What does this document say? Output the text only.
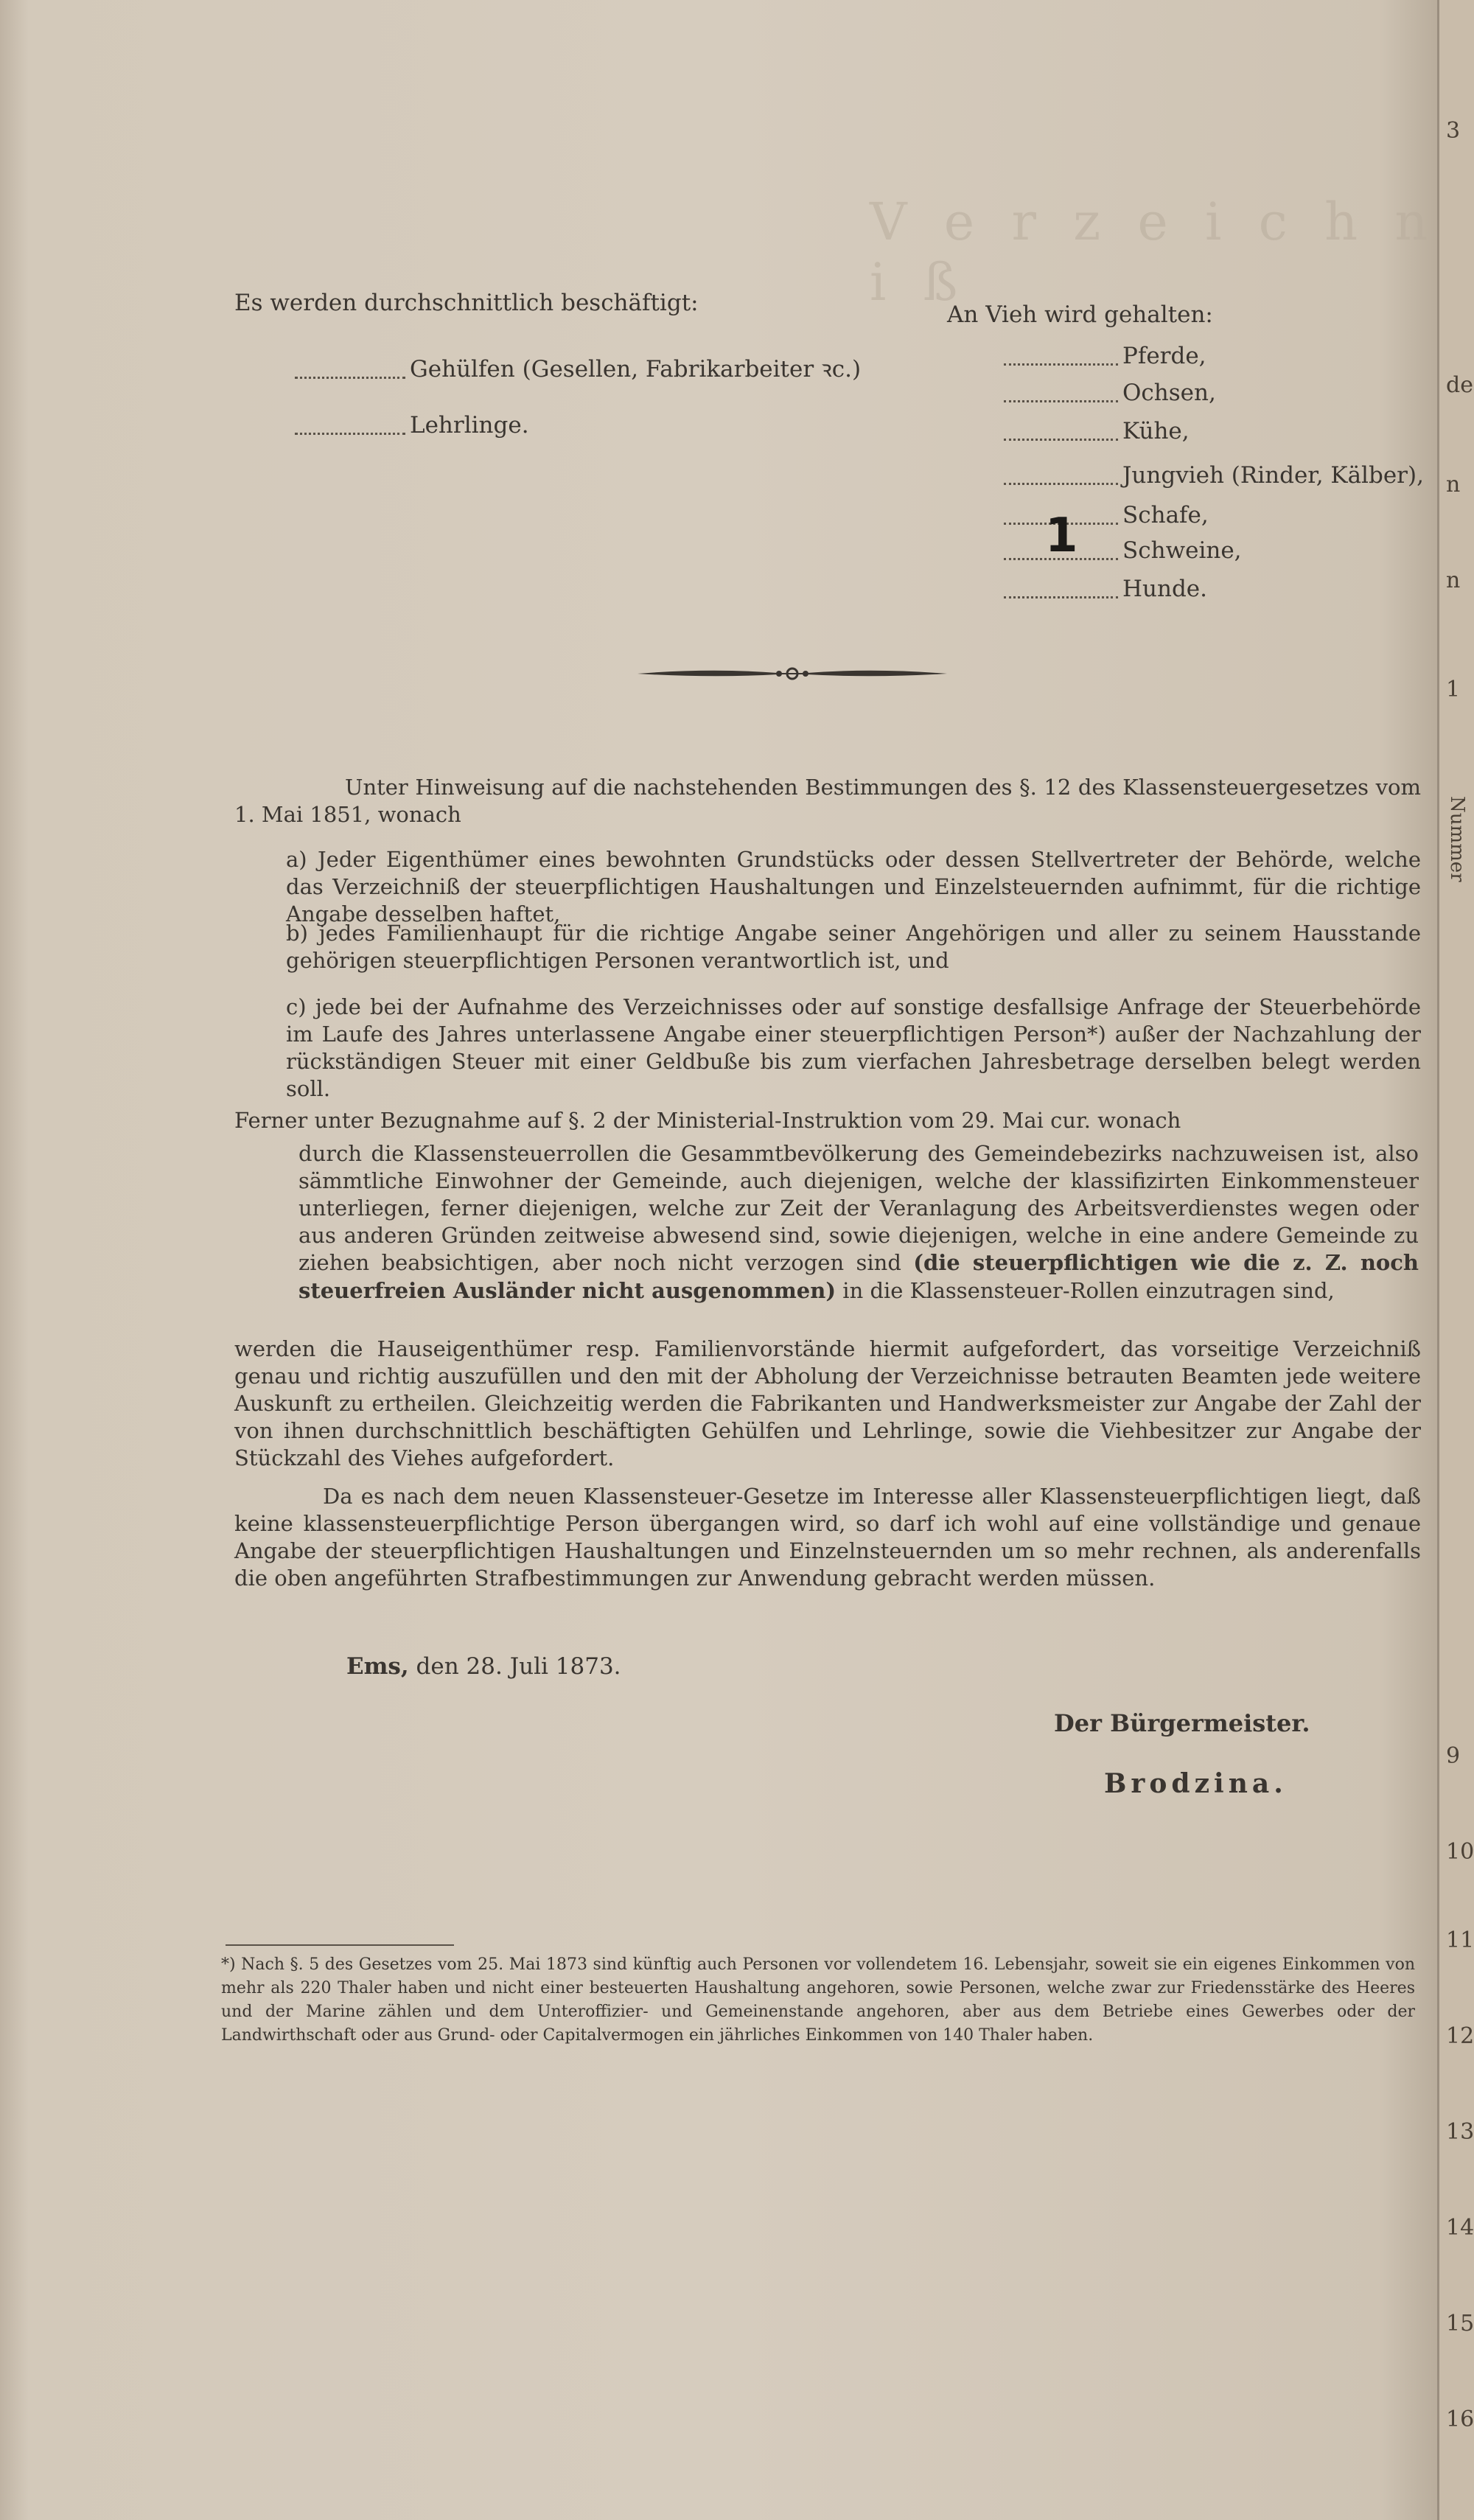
V e r z e i c h n i ß
3
de
n
n
1
Nummer
9
10
11
12
13
14
15
16
Es werden durchschnittlich beschäftigt:
Gehülfen (Gesellen, Fabrikarbeiter ꝛc.)
Lehrlinge.
An Vieh wird gehalten:
Pferde,
Ochsen,
Kühe,
Jungvieh (Rinder, Kälber),
Schafe,
Schweine,
1
Hunde.

Unter Hinweisung auf die nachstehenden Bestimmungen des §. 12 des Klassensteuergesetzes vom 1. Mai 1851, wonach

a) Jeder Eigenthümer eines bewohnten Grundstücks oder dessen Stellvertreter der Behörde, welche das Verzeichniß der steuerpflichtigen Haushaltungen und Einzelsteuernden aufnimmt, für die richtige Angabe desselben haftet,
b) jedes Familienhaupt für die richtige Angabe seiner Angehörigen und aller zu seinem Hausstande gehörigen steuerpflichtigen Personen verantwortlich ist, und
c) jede bei der Aufnahme des Verzeichnisses oder auf sonstige desfallsige Anfrage der Steuerbehörde im Laufe des Jahres unterlassene Angabe einer steuerpflichtigen Person*) außer der Nachzahlung der rückständigen Steuer mit einer Geldbuße bis zum vierfachen Jahresbetrage derselben belegt werden soll.
Ferner unter Bezugnahme auf §. 2 der Ministerial-Instruktion vom 29. Mai cur. wonach
durch die Klassensteuerrollen die Gesammtbevölkerung des Gemeindebezirks nachzuweisen ist, also sämmtliche Einwohner der Gemeinde, auch diejenigen, welche der klassifizirten Einkommensteuer unterliegen, ferner diejenigen, welche zur Zeit der Veranlagung des Arbeitsverdienstes wegen oder aus anderen Gründen zeitweise abwesend sind, sowie diejenigen, welche in eine andere Gemeinde zu ziehen beabsichtigen, aber noch nicht verzogen sind (die steuerpflichtigen wie die z. Z. noch steuerfreien Ausländer nicht ausgenommen) in die Klassensteuer-Rollen einzutragen sind,
werden die Hauseigenthümer resp. Familienvorstände hiermit aufgefordert, das vorseitige Verzeichniß genau und richtig auszufüllen und den mit der Abholung der Verzeichnisse betrauten Beamten jede weitere Auskunft zu ertheilen. Gleichzeitig werden die Fabrikanten und Handwerksmeister zur Angabe der Zahl der von ihnen durchschnittlich beschäftigten Gehülfen und Lehrlinge, sowie die Viehbesitzer zur Angabe der Stückzahl des Viehes aufgefordert.

Da es nach dem neuen Klassensteuer-Gesetze im Interesse aller Klassensteuerpflichtigen liegt, daß keine klassensteuerpflichtige Person übergangen wird, so darf ich wohl auf eine vollständige und genaue Angabe der steuerpflichtigen Haushaltungen und Einzelnsteuernden um so mehr rechnen, als anderenfalls die oben angeführten Strafbestimmungen zur Anwendung gebracht werden müssen.

Ems, den 28. Juli 1873.
Der Bürgermeister.
Brodzina.
*) Nach §. 5 des Gesetzes vom 25. Mai 1873 sind künftig auch Personen vor vollendetem 16. Lebensjahr, soweit sie ein eigenes Einkommen von mehr als 220 Thaler haben und nicht einer besteuerten Haushaltung angehoren, sowie Personen, welche zwar zur Friedensstärke des Heeres und der Marine zählen und dem Unteroffizier- und Gemeinenstande angehoren, aber aus dem Betriebe eines Gewerbes oder der Landwirthschaft oder aus Grund- oder Capitalvermogen ein jährliches Einkommen von 140 Thaler haben.
